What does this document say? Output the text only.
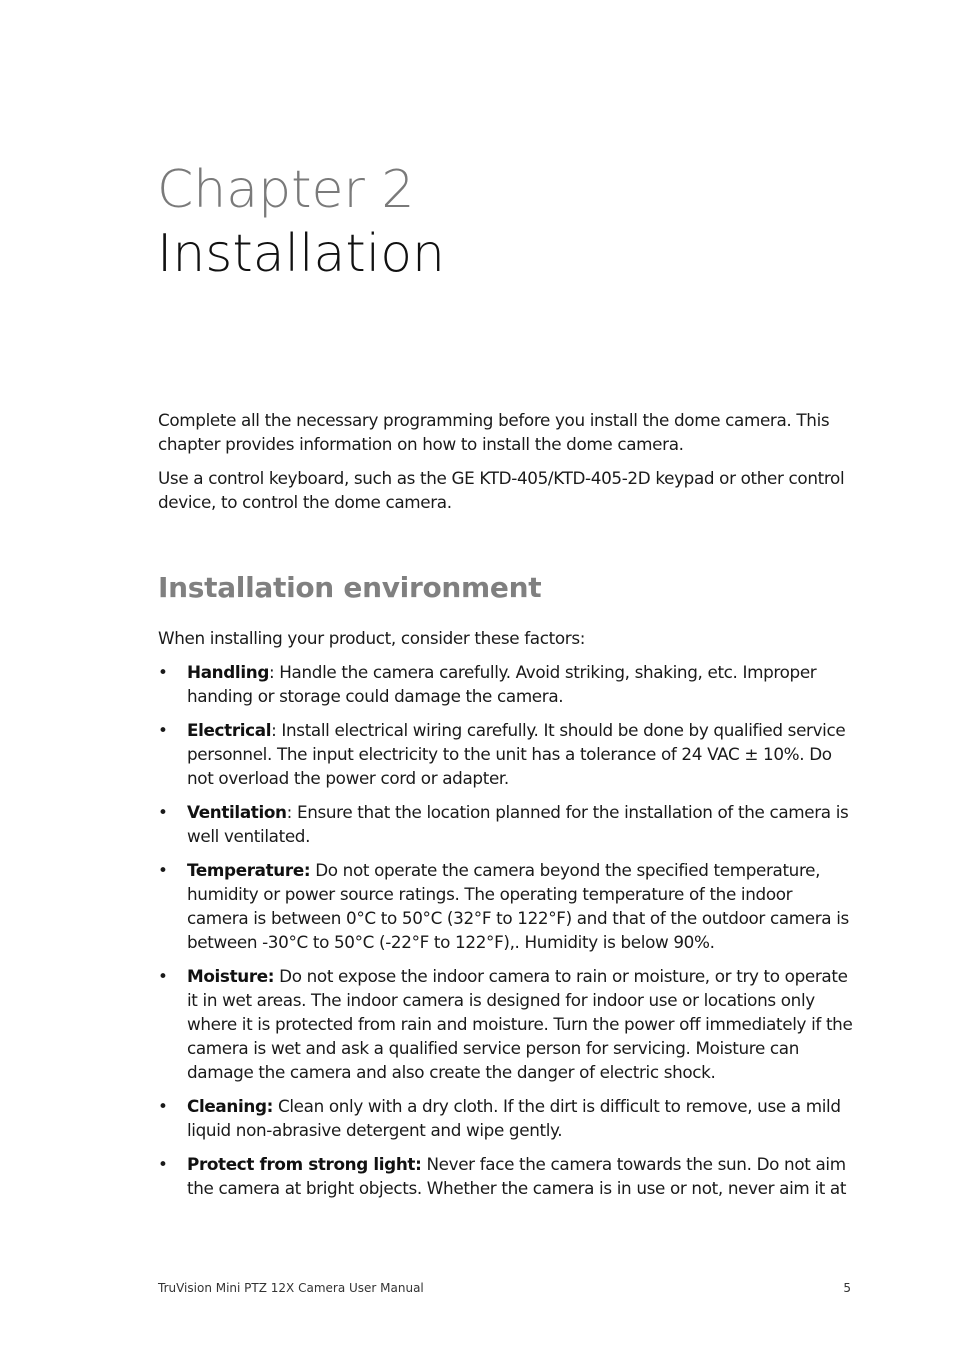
Chapter 2
Installation

Complete all the necessary programming before you install the dome camera. This chapter provides information on how to install the dome camera.

Use a control keyboard, such as the GE KTD-405/KTD-405-2D keypad or other control device, to control the dome camera.

Installation environment

When installing your product, consider these factors:

• Handling: Handle the camera carefully. Avoid striking, shaking, etc. Improper handing or storage could damage the camera.
• Electrical: Install electrical wiring carefully. It should be done by qualified service personnel. The input electricity to the unit has a tolerance of 24 VAC ± 10%. Do not overload the power cord or adapter.
• Ventilation: Ensure that the location planned for the installation of the camera is well ventilated.
• Temperature: Do not operate the camera beyond the specified temperature, humidity or power source ratings. The operating temperature of the indoor camera is between 0°C to 50°C (32°F to 122°F) and that of the outdoor camera is between -30°C to 50°C (-22°F to 122°F),. Humidity is below 90%.
• Moisture: Do not expose the indoor camera to rain or moisture, or try to operate it in wet areas. The indoor camera is designed for indoor use or locations only where it is protected from rain and moisture. Turn the power off immediately if the camera is wet and ask a qualified service person for servicing. Moisture can damage the camera and also create the danger of electric shock.
• Cleaning: Clean only with a dry cloth. If the dirt is difficult to remove, use a mild liquid non-abrasive detergent and wipe gently.
• Protect from strong light: Never face the camera towards the sun. Do not aim the camera at bright objects. Whether the camera is in use or not, never aim it at
TruVision Mini PTZ 12X Camera User Manual	5
